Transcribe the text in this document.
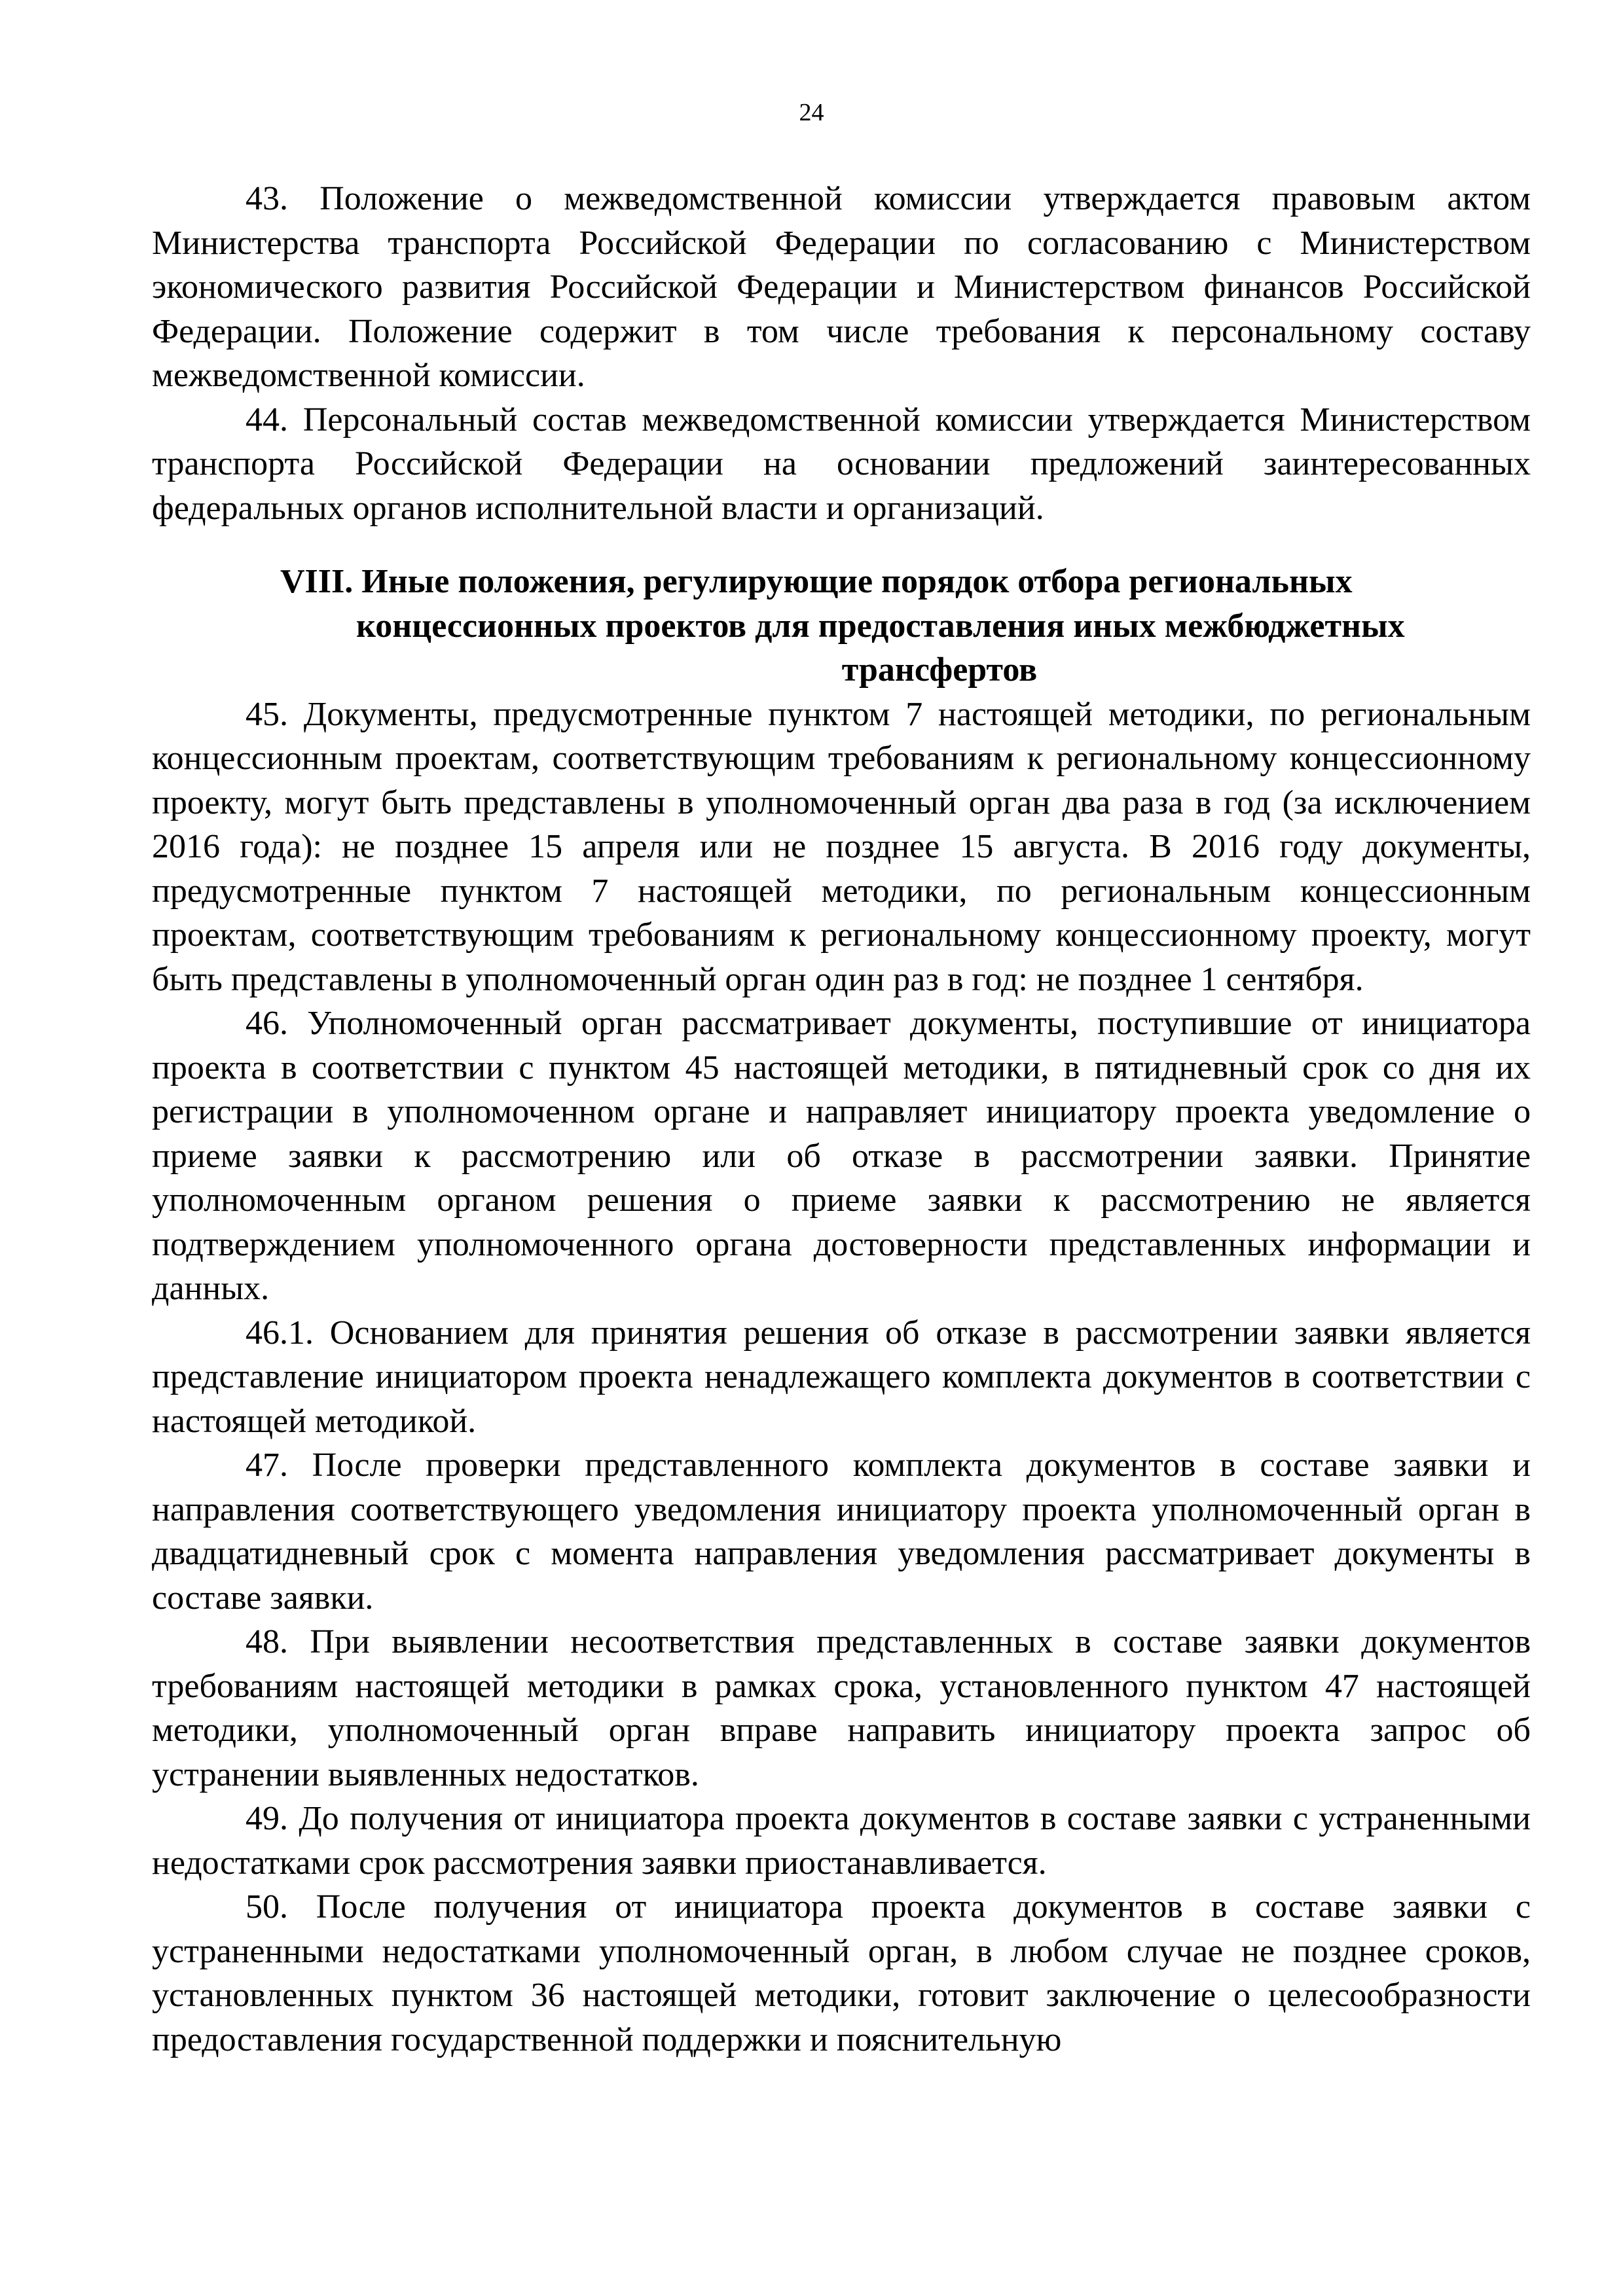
24

43. Положение о межведомственной комиссии утверждается правовым актом Министерства транспорта Российской Федерации по согласованию с Министерством экономического развития Российской Федерации и Министерством финансов Российской Федерации. Положение содержит в том числе требования к персональному составу межведомственной комиссии.

44. Персональный состав межведомственной комиссии утверждается Министерством транспорта Российской Федерации на основании предложений заинтересованных федеральных органов исполнительной власти и организаций.

VIII. Иные положения, регулирующие порядок отбора региональных
концессионных проектов для предоставления иных межбюджетных
трансфертов

45. Документы, предусмотренные пунктом 7 настоящей методики, по региональным концессионным проектам, соответствующим требованиям к региональному концессионному проекту, могут быть представлены в уполномоченный орган два раза в год (за исключением 2016 года): не позднее 15 апреля или не позднее 15 августа. В 2016 году документы, предусмотренные пунктом 7 настоящей методики, по региональным концессионным проектам, соответствующим требованиям к региональному концессионному проекту, могут быть представлены в уполномоченный орган один раз в год: не позднее 1 сентября.

46. Уполномоченный орган рассматривает документы, поступившие от инициатора проекта в соответствии с пунктом 45 настоящей методики, в пятидневный срок со дня их регистрации в уполномоченном органе и направляет инициатору проекта уведомление о приеме заявки к рассмотрению или об отказе в рассмотрении заявки. Принятие уполномоченным органом решения о приеме заявки к рассмотрению не является подтверждением уполномоченного органа достоверности представленных информации и данных.

46.1. Основанием для принятия решения об отказе в рассмотрении заявки является представление инициатором проекта ненадлежащего комплекта документов в соответствии с настоящей методикой.

47. После проверки представленного комплекта документов в составе заявки и направления соответствующего уведомления инициатору проекта уполномоченный орган в двадцатидневный срок с момента направления уведомления рассматривает документы в составе заявки.

48. При выявлении несоответствия представленных в составе заявки документов требованиям настоящей методики в рамках срока, установленного пунктом 47 настоящей методики, уполномоченный орган вправе направить инициатору проекта запрос об устранении выявленных недостатков.

49. До получения от инициатора проекта документов в составе заявки с устраненными недостатками срок рассмотрения заявки приостанавливается.

50. После получения от инициатора проекта документов в составе заявки с устраненными недостатками уполномоченный орган, в любом случае не позднее сроков, установленных пунктом 36 настоящей методики, готовит заключение о целесообразности предоставления государственной поддержки и пояснительную
